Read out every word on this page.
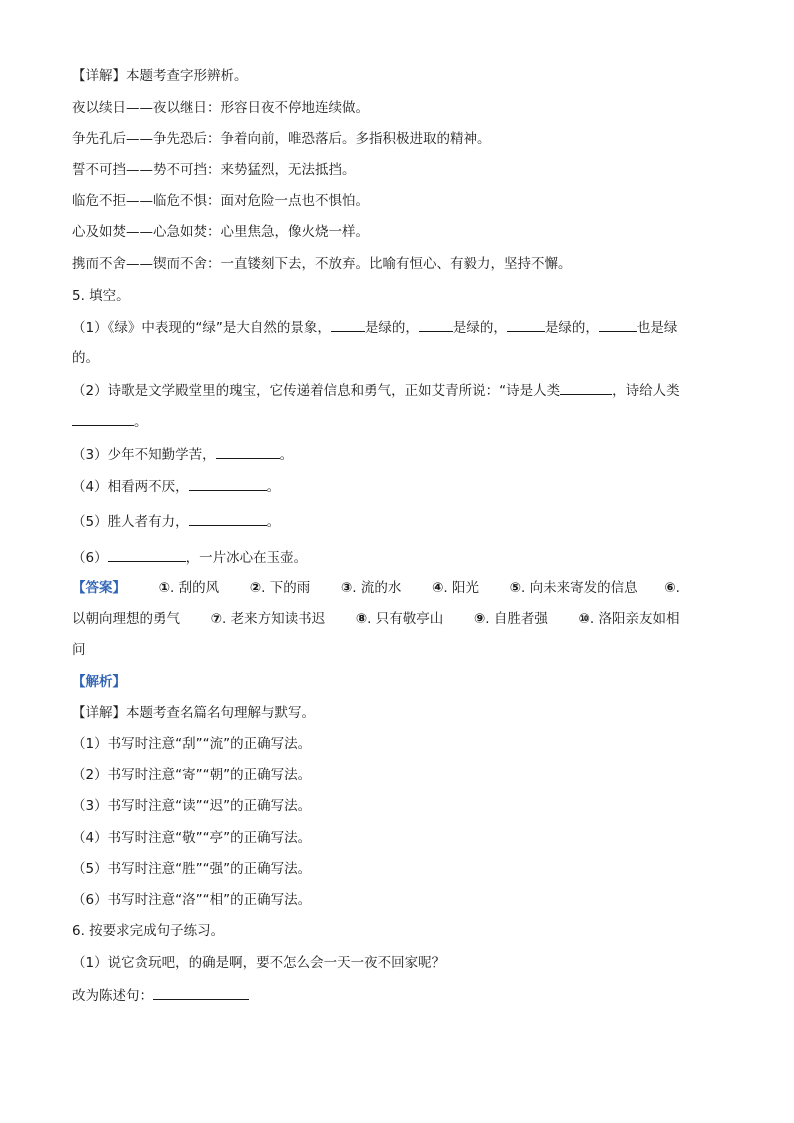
【详解】本题考查字形辨析。
夜以续日——夜以继日：形容日夜不停地连续做。
争先孔后——争先恐后：争着向前，唯恐落后。多指积极进取的精神。
誓不可挡——势不可挡：来势猛烈，无法抵挡。
临危不拒——临危不惧：面对危险一点也不惧怕。
心及如焚——心急如焚：心里焦急，像火烧一样。
携而不舍——锲而不舍：一直镂刻下去，不放弃。比喻有恒心、有毅力，坚持不懈。
5. 填空。
（1）《绿》中表现的“绿”是大自然的景象，	是绿的，	是绿的，	是绿的，	也是绿
的。
（2）诗歌是文学殿堂里的瑰宝，它传递着信息和勇气，正如艾青所说：“诗是人类	，诗给人类
。
（3）少年不知勤学苦，	。
（4）相看两不厌，	。
（5）胜人者有力，	。
（6）	，一片冰心在玉壶。
【答案】 ①. 刮的风 ②. 下的雨 ③. 流的水 ④. 阳光 ⑤. 向未来寄发的信息 ⑥.
以朝向理想的勇气 ⑦. 老来方知读书迟 ⑧. 只有敬亭山 ⑨. 自胜者强 ⑩. 洛阳亲友如相
问
【解析】
【详解】本题考查名篇名句理解与默写。
（1）书写时注意“刮”“流”的正确写法。
（2）书写时注意“寄”“朝”的正确写法。
（3）书写时注意“读”“迟”的正确写法。
（4）书写时注意“敬”“亭”的正确写法。
（5）书写时注意“胜”“强”的正确写法。
（6）书写时注意“洛”“相”的正确写法。
6. 按要求完成句子练习。
（1）说它贪玩吧，的确是啊，要不怎么会一天一夜不回家呢？
改为陈述句：
